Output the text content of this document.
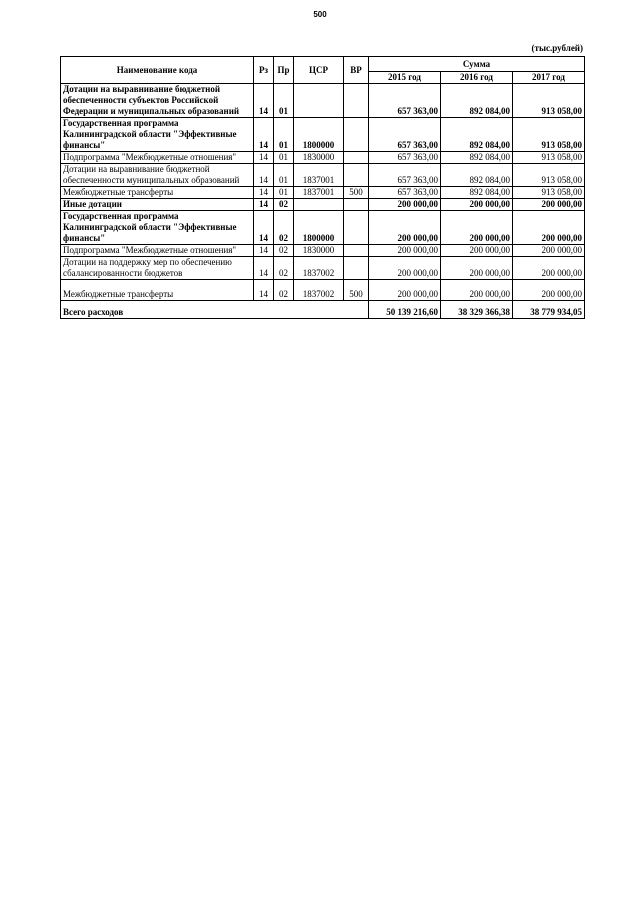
500
(тыс.рублей)
Наименование кода	Рз	Пр	ЦСР	ВР	Сумма		
					2015 год	2016 год	2017 год
Дотации на выравнивание бюджетной обеспеченности субъектов Российской Федерации и муниципальных образований	14	01			657 363,00	892 084,00	913 058,00
Государственная программа Калининградской области "Эффективные финансы"	14	01	1800000		657 363,00	892 084,00	913 058,00
Подпрограмма "Межбюджетные отношения"	14	01	1830000		657 363,00	892 084,00	913 058,00
Дотации на выравнивание бюджетной обеспеченности муниципальных образований	14	01	1837001		657 363,00	892 084,00	913 058,00
Межбюджетные трансферты	14	01	1837001	500	657 363,00	892 084,00	913 058,00
Иные дотации	14	02			200 000,00	200 000,00	200 000,00
Государственная программа Калининградской области "Эффективные финансы"	14	02	1800000		200 000,00	200 000,00	200 000,00
Подпрограмма "Межбюджетные отношения"	14	02	1830000		200 000,00	200 000,00	200 000,00
Дотации на поддержку мер по обеспечению сбалансированности бюджетов	14	02	1837002		200 000,00	200 000,00	200 000,00
Межбюджетные трансферты	14	02	1837002	500	200 000,00	200 000,00	200 000,00
Всего расходов					50 139 216,60	38 329 366,38	38 779 934,05
